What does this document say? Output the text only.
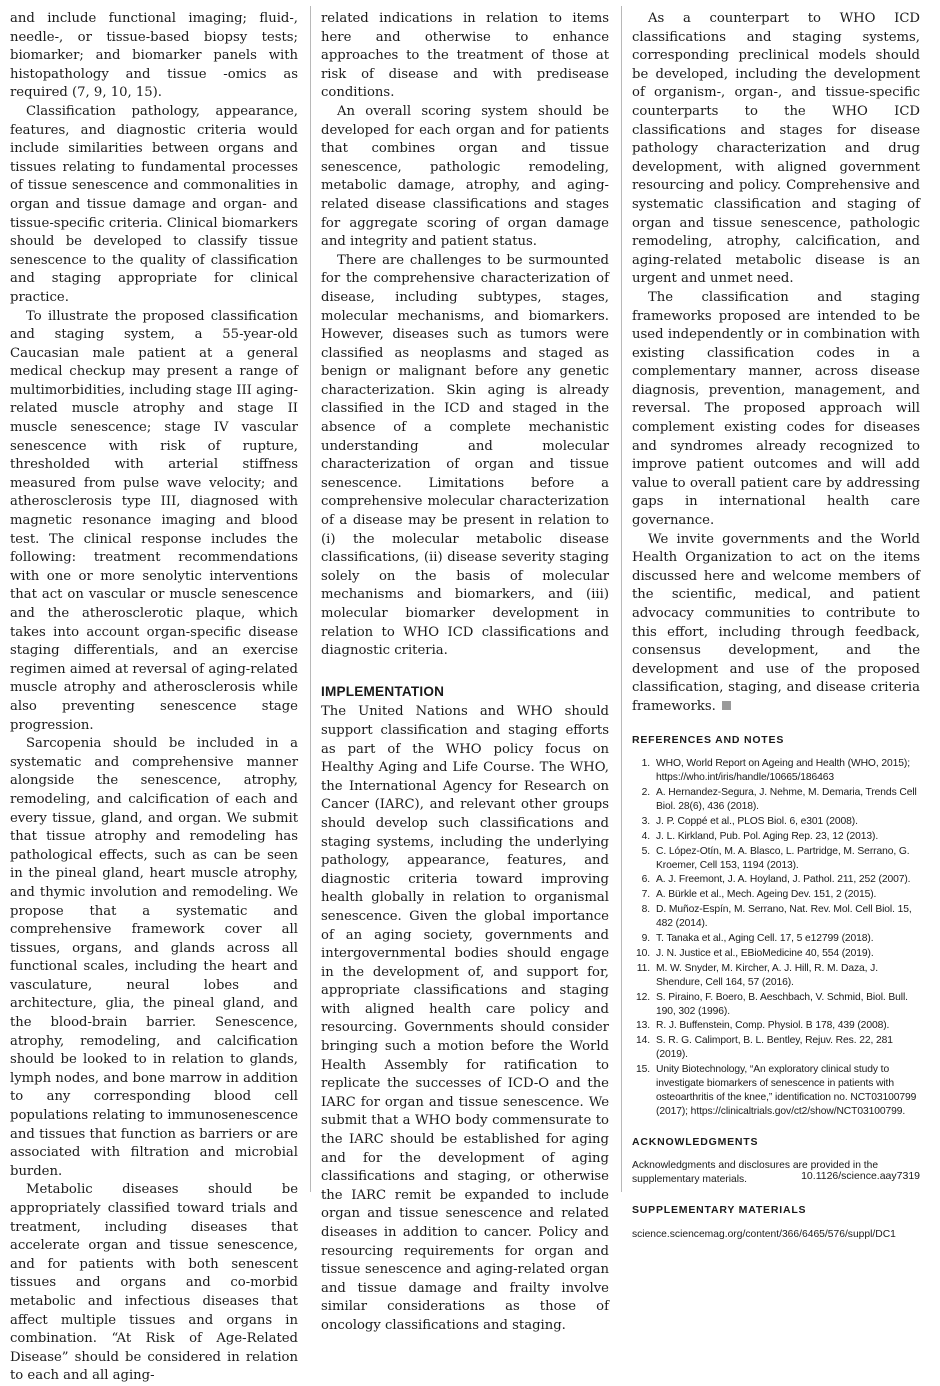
and include functional imaging; fluid-, needle-, or tissue-based biopsy tests; biomarker; and biomarker panels with histopathology and tissue -omics as required (7, 9, 10, 15).

Classification pathology, appearance, features, and diagnostic criteria would include similarities between organs and tissues relating to fundamental processes of tissue senescence and commonalities in organ and tissue damage and organ- and tissue-specific criteria. Clinical biomarkers should be developed to classify tissue senescence to the quality of classification and staging appropriate for clinical practice.

To illustrate the proposed classification and staging system, a 55-year-old Caucasian male patient at a general medical checkup may present a range of multimorbidities, including stage III aging-related muscle atrophy and stage II muscle senescence; stage IV vascular senescence with risk of rupture, thresholded with arterial stiffness measured from pulse wave velocity; and atherosclerosis type III, diagnosed with magnetic resonance imaging and blood test. The clinical response includes the following: treatment recommendations with one or more senolytic interventions that act on vascular or muscle senescence and the atherosclerotic plaque, which takes into account organ-specific disease staging differentials, and an exercise regimen aimed at reversal of aging-related muscle atrophy and atherosclerosis while also preventing senescence stage progression.

Sarcopenia should be included in a systematic and comprehensive manner alongside the senescence, atrophy, remodeling, and calcification of each and every tissue, gland, and organ. We submit that tissue atrophy and remodeling has pathological effects, such as can be seen in the pineal gland, heart muscle atrophy, and thymic involution and remodeling. We propose that a systematic and comprehensive framework cover all tissues, organs, and glands across all functional scales, including the heart and vasculature, neural lobes and architecture, glia, the pineal gland, and the blood-brain barrier. Senescence, atrophy, remodeling, and calcification should be looked to in relation to glands, lymph nodes, and bone marrow in addition to any corresponding blood cell populations relating to immunosenescence and tissues that function as barriers or are associated with filtration and microbial burden.

Metabolic diseases should be appropriately classified toward trials and treatment, including diseases that accelerate organ and tissue senescence, and for patients with both senescent tissues and organs and co-morbid metabolic and infectious diseases that affect multiple tissues and organs in combination. “At Risk of Age-Related Disease” should be considered in relation to each and all aging-

related indications in relation to items here and otherwise to enhance approaches to the treatment of those at risk of disease and with predisease conditions.

An overall scoring system should be developed for each organ and for patients that combines organ and tissue senescence, pathologic remodeling, metabolic damage, atrophy, and aging-related disease classifications and stages for aggregate scoring of organ damage and integrity and patient status.

There are challenges to be surmounted for the comprehensive characterization of disease, including subtypes, stages, molecular mechanisms, and biomarkers. However, diseases such as tumors were classified as neoplasms and staged as benign or malignant before any genetic characterization. Skin aging is already classified in the ICD and staged in the absence of a complete mechanistic understanding and molecular characterization of organ and tissue senescence. Limitations before a comprehensive molecular characterization of a disease may be present in relation to (i) the molecular metabolic disease classifications, (ii) disease severity staging solely on the basis of molecular mechanisms and biomarkers, and (iii) molecular biomarker development in relation to WHO ICD classifications and diagnostic criteria.

IMPLEMENTATION

The United Nations and WHO should support classification and staging efforts as part of the WHO policy focus on Healthy Aging and Life Course. The WHO, the International Agency for Research on Cancer (IARC), and relevant other groups should develop such classifications and staging systems, including the underlying pathology, appearance, features, and diagnostic criteria toward improving health globally in relation to organismal senescence. Given the global importance of an aging society, governments and intergovernmental bodies should engage in the development of, and support for, appropriate classifications and staging with aligned health care policy and resourcing. Governments should consider bringing such a motion before the World Health Assembly for ratification to replicate the successes of ICD-O and the IARC for organ and tissue senescence. We submit that a WHO body commensurate to the IARC should be established for aging and for the development of aging classifications and staging, or otherwise the IARC remit be expanded to include organ and tissue senescence and related diseases in addition to cancer. Policy and resourcing requirements for organ and tissue senescence and aging-related organ and tissue damage and frailty involve similar considerations as those of oncology classifications and staging.

As a counterpart to WHO ICD classifications and staging systems, corresponding preclinical models should be developed, including the development of organism-, organ-, and tissue-specific counterparts to the WHO ICD classifications and stages for disease pathology characterization and drug development, with aligned government resourcing and policy. Comprehensive and systematic classification and staging of organ and tissue senescence, pathologic remodeling, atrophy, calcification, and aging-related metabolic disease is an urgent and unmet need.

The classification and staging frameworks proposed are intended to be used independently or in combination with existing classification codes in a complementary manner, across disease diagnosis, prevention, management, and reversal. The proposed approach will complement existing codes for diseases and syndromes already recognized to improve patient outcomes and will add value to overall patient care by addressing gaps in international health care governance.

We invite governments and the World Health Organization to act on the items discussed here and welcome members of the scientific, medical, and patient advocacy communities to contribute to this effort, including through feedback, consensus development, and the development and use of the proposed classification, staging, and disease criteria frameworks.

REFERENCES AND NOTES
1. WHO, World Report on Ageing and Health (WHO, 2015); https://who.int/iris/handle/10665/186463
2. A. Hernandez-Segura, J. Nehme, M. Demaria, Trends Cell Biol. 28(6), 436 (2018).
3. J. P. Coppé et al., PLOS Biol. 6, e301 (2008).
4. J. L. Kirkland, Pub. Pol. Aging Rep. 23, 12 (2013).
5. C. López-Otín, M. A. Blasco, L. Partridge, M. Serrano, G. Kroemer, Cell 153, 1194 (2013).
6. A. J. Freemont, J. A. Hoyland, J. Pathol. 211, 252 (2007).
7. A. Bürkle et al., Mech. Ageing Dev. 151, 2 (2015).
8. D. Muñoz-Espín, M. Serrano, Nat. Rev. Mol. Cell Biol. 15, 482 (2014).
9. T. Tanaka et al., Aging Cell. 17, 5 e12799 (2018).
10. J. N. Justice et al., EBioMedicine 40, 554 (2019).
11. M. W. Snyder, M. Kircher, A. J. Hill, R. M. Daza, J. Shendure, Cell 164, 57 (2016).
12. S. Piraino, F. Boero, B. Aeschbach, V. Schmid, Biol. Bull. 190, 302 (1996).
13. R. J. Buffenstein, Comp. Physiol. B 178, 439 (2008).
14. S. R. G. Calimport, B. L. Bentley, Rejuv. Res. 22, 281 (2019).
15. Unity Biotechnology, “An exploratory clinical study to investigate biomarkers of senescence in patients with osteoarthritis of the knee,” identification no. NCT03100799 (2017); https://clinicaltrials.gov/ct2/show/NCT03100799.
ACKNOWLEDGMENTS
Acknowledgments and disclosures are provided in the supplementary materials.
SUPPLEMENTARY MATERIALS
science.sciencemag.org/content/366/6465/576/suppl/DC1
10.1126/science.aay7319
